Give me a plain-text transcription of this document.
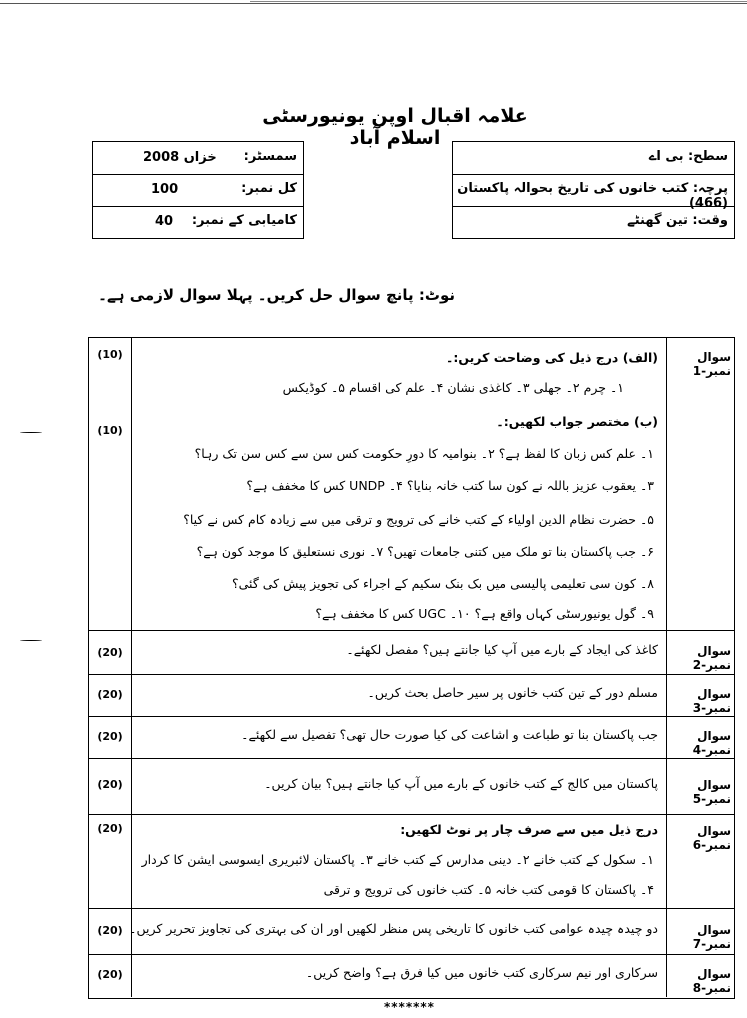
علامہ اقبال اوپن یونیورسٹی اسلام آباد
سمسٹر:
خزاں 2008
کل نمبر:
100
کامیابی کے نمبر:
40
سطح: بی اے
پرچہ: کتب خانوں کی تاریخ بحوالہ پاکستان (466)
وقت: تین گھنٹے
نوٹ: پانچ سوال حل کریں۔ پہلا سوال لازمی ہے۔
(10)
(10)
سوال نمبر-1
(الف) درج ذیل کی وضاحت کریں:۔
۱۔ چرم ۲۔ جھلی ۳۔ کاغذی نشان ۴۔ علم کی اقسام ۵۔ کوڈیکس
(ب) مختصر جواب لکھیں:۔
۱۔ علم کس زبان کا لفظ ہے؟ ۲۔ بنوامیہ کا دورِ حکومت کس سن سے کس سن تک رہا؟
۳۔ یعقوب عزیز باللہ نے کون سا کتب خانہ بنایا؟ ۴۔ UNDP کس کا مخفف ہے؟
۵۔ حضرت نظام الدین اولیاء کے کتب خانے کی ترویج و ترقی میں سے زیادہ کام کس نے کیا؟
۶۔ جب پاکستان بنا تو ملک میں کتنی جامعات تھیں؟ ۷۔ نوری نستعلیق کا موجد کون ہے؟
۸۔ کون سی تعلیمی پالیسی میں بک بنک سکیم کے اجراء کی تجویز پیش کی گئی؟
۹۔ گول یونیورسٹی کہاں واقع ہے؟ ۱۰۔ UGC کس کا مخفف ہے؟
(20)	سوال نمبر-2
کاغذ کی ایجاد کے بارے میں آپ کیا جانتے ہیں؟ مفصل لکھئے۔
(20)	سوال نمبر-3
مسلم دور کے تین کتب خانوں پر سیر حاصل بحث کریں۔
(20)	سوال نمبر-4
جب پاکستان بنا تو طباعت و اشاعت کی کیا صورت حال تھی؟ تفصیل سے لکھئے۔
(20)	سوال نمبر-5
پاکستان میں کالج کے کتب خانوں کے بارے میں آپ کیا جانتے ہیں؟ بیان کریں۔
(20)	سوال نمبر-6
درج ذیل میں سے صرف چار پر نوٹ لکھیں:
۱۔ سکول کے کتب خانے ۲۔ دینی مدارس کے کتب خانے ۳۔ پاکستان لائبریری ایسوسی ایشن کا کردار
۴۔ پاکستان کا قومی کتب خانہ ۵۔ کتب خانوں کی ترویج و ترقی
(20)	سوال نمبر-7
دو چیدہ چیدہ عوامی کتب خانوں کا تاریخی پس منظر لکھیں اور ان کی بہتری کی تجاویز تحریر کریں۔
(20)	سوال نمبر-8
سرکاری اور نیم سرکاری کتب خانوں میں کیا فرق ہے؟ واضح کریں۔
*******
